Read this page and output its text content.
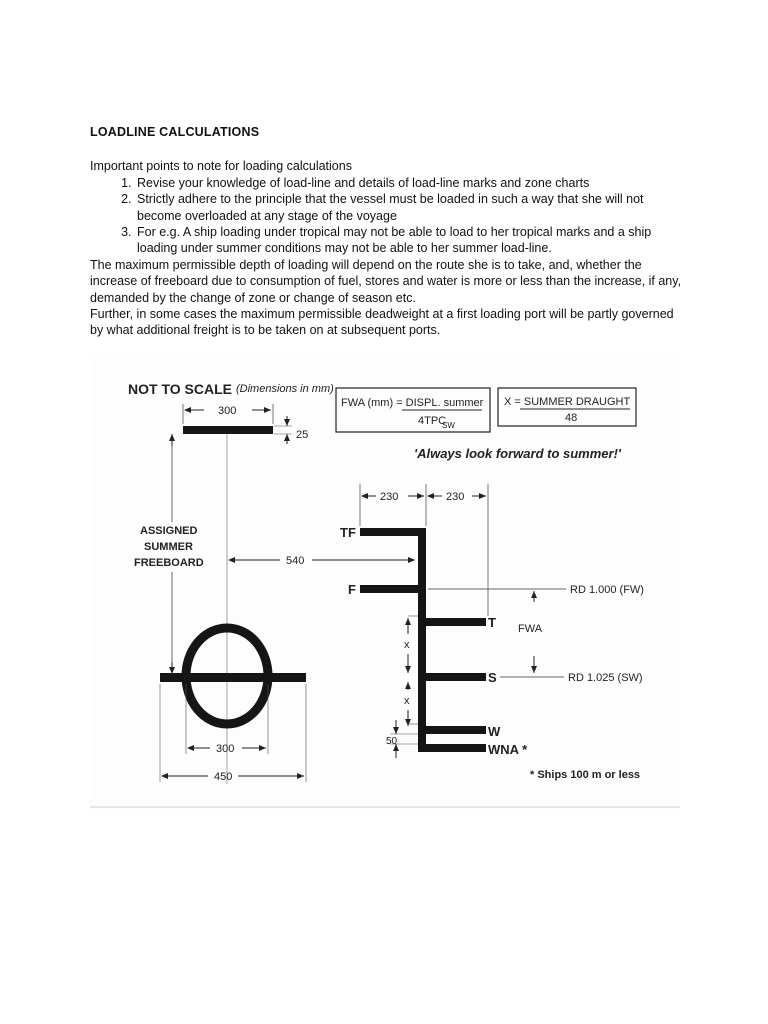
LOADLINE CALCULATIONS

Important points to note for loading calculations

1. Revise your knowledge of load-line and details of load-line marks and zone charts
2. Strictly adhere to the principle that the vessel must be loaded in such a way that she will not become overloaded at any stage of the voyage
3. For e.g. A ship loading under tropical may not be able to load to her tropical marks and a ship loading under summer conditions may not be able to her summer load-line.

The maximum permissible depth of loading will depend on the route she is to take, and, whether the increase of freeboard due to consumption of fuel, stores and water is more or less than the increase, if any, demanded by the change of zone or change of season etc.

Further, in some cases the maximum permissible deadweight at a first loading port will be partly governed by what additional freight is to be taken on at subsequent ports.

NOT TO SCALE (Dimensions in mm)
FWA (mm) = DISPL. summer
4TPC
SW
X = SUMMER DRAUGHT
48
'Always look forward to summer!'
300
25
ASSIGNED
SUMMER
FREEBOARD	540
230	230
TF
F	RD 1.000 (FW)
T FWA
S	RD 1.025 (SW)
x
x
W
WNA *
50
* Ships 100 m or less
300
450
